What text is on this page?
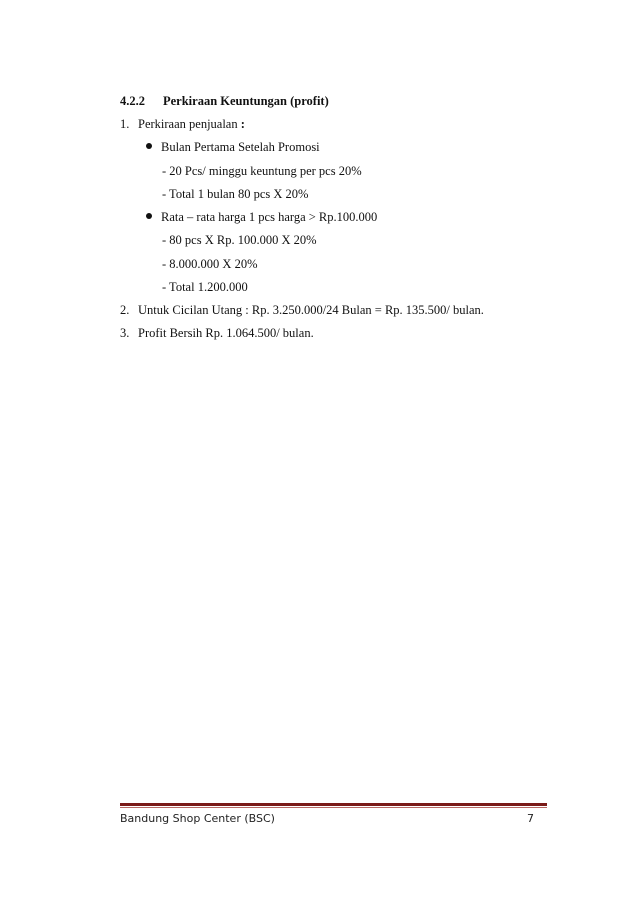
4.2.2 Perkiraan Keuntungan (profit)
1. Perkiraan penjualan :
Bulan Pertama Setelah Promosi
- 20 Pcs/ minggu keuntung per pcs 20%
- Total 1 bulan 80 pcs X 20%
Rata – rata harga 1 pcs harga > Rp.100.000
- 80 pcs X Rp. 100.000 X 20%
- 8.000.000 X 20%
- Total 1.200.000
2. Untuk Cicilan Utang : Rp. 3.250.000/24 Bulan = Rp. 135.500/ bulan.
3. Profit Bersih Rp. 1.064.500/ bulan.
Bandung Shop Center (BSC)	7
